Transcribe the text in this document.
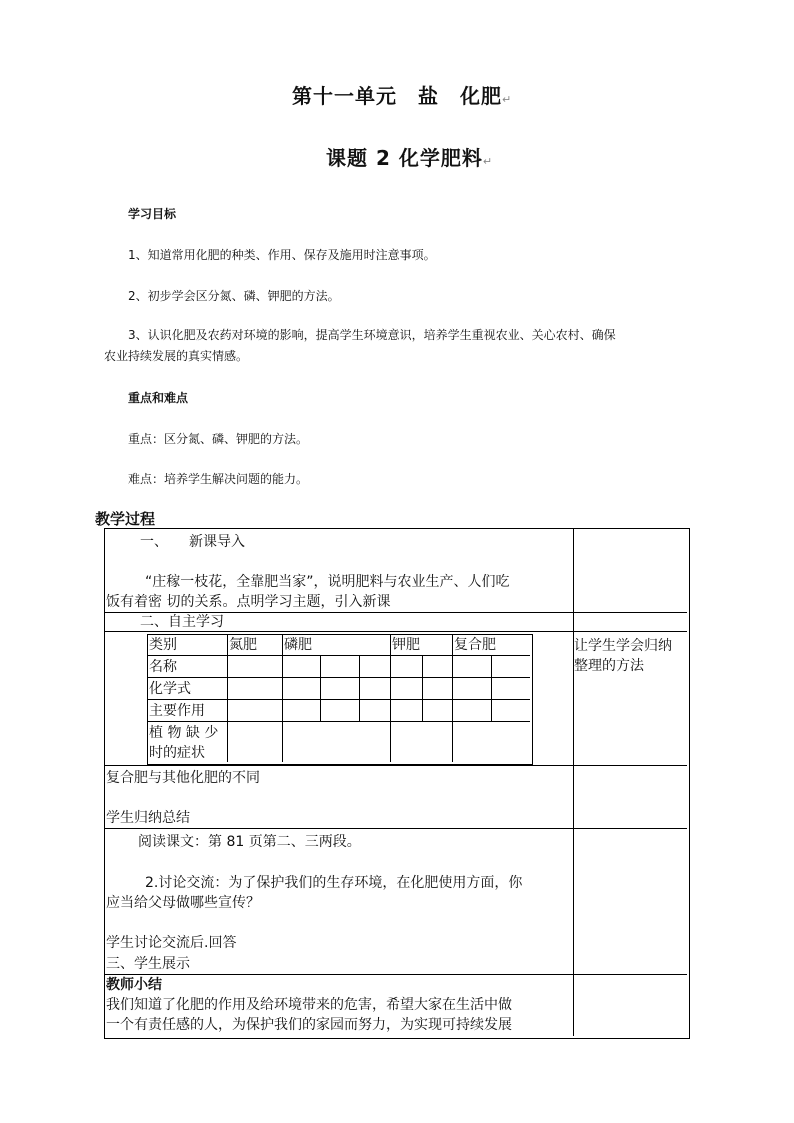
第十一单元　盐　化肥↵
课题 2 化学肥料↵
学习目标
1、知道常用化肥的种类、作用、保存及施用时注意事项。
2、初步学会区分氮、磷、钾肥的方法。
3、认识化肥及农药对环境的影响，提高学生环境意识，培养学生重视农业、关心农村、确保
农业持续发展的真实情感。
重点和难点
重点：区分氮、磷、钾肥的方法。
难点：培养学生解决问题的能力。
教学过程
一、　　新课导入
“庄稼一枝花，全靠肥当家”，说明肥料与农业生产、人们吃
饭有着密 切的关系。点明学习主题，引入新课
二、自主学习
让学生学会归纳
整理的方法
类别	氮肥 磷肥	钾肥 复合肥
名称
化学式
主要作用
植 物 缺 少
时的症状
复合肥与其他化肥的不同
学生归纳总结
阅读课文：第 81 页第二、三两段。
2.讨论交流：为了保护我们的生存环境，在化肥使用方面，你
应当给父母做哪些宣传？
学生讨论交流后.回答
三、学生展示
教师小结
我们知道了化肥的作用及给环境带来的危害，希望大家在生活中做
一个有责任感的人，为保护我们的家园而努力，为实现可持续发展
